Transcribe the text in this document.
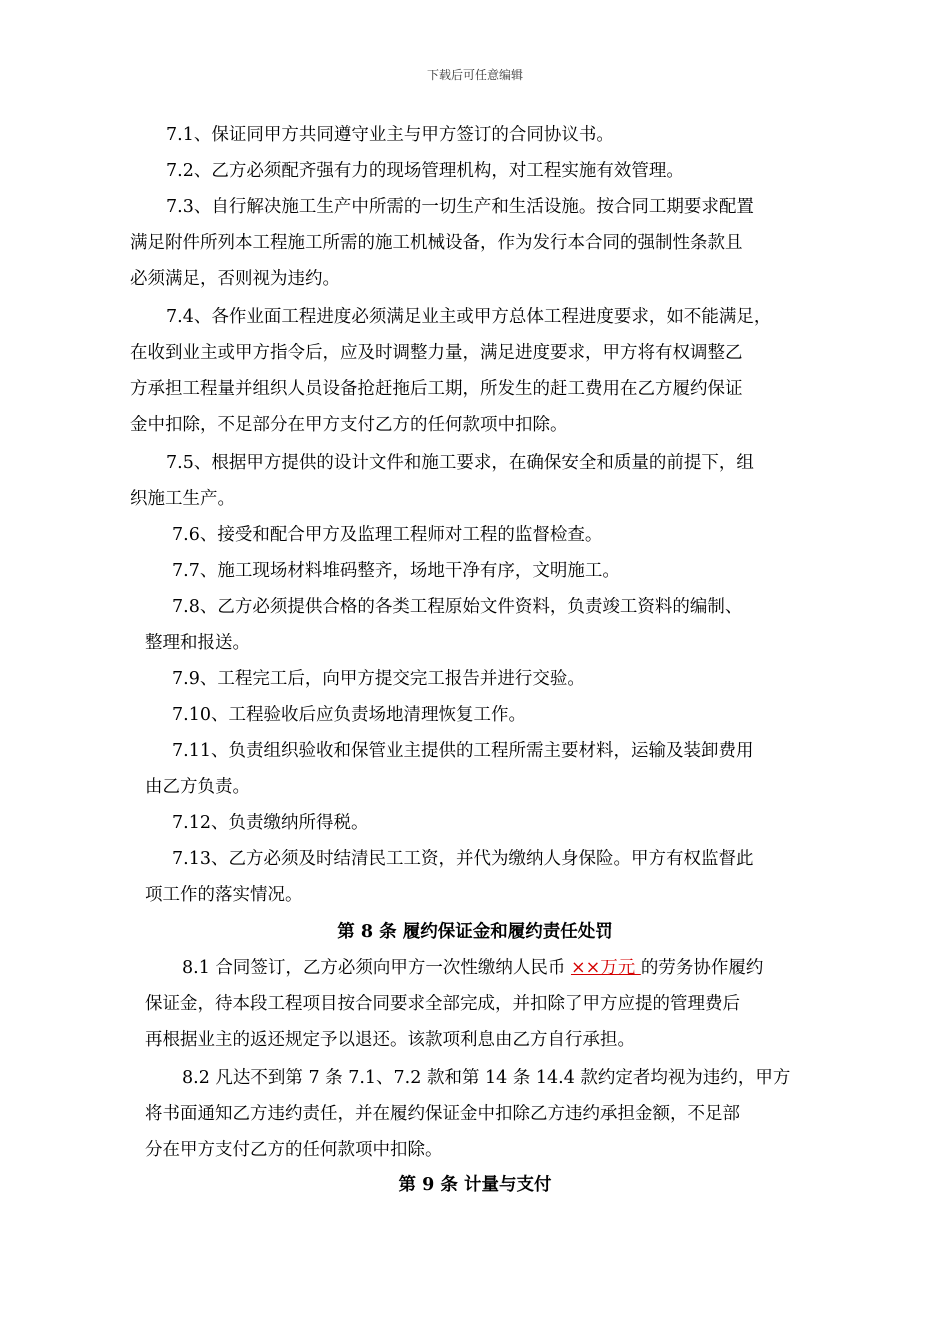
下载后可任意编辑
7.1、保证同甲方共同遵守业主与甲方签订的合同协议书。
7.2、乙方必须配齐强有力的现场管理机构，对工程实施有效管理。
7.3、自行解决施工生产中所需的一切生产和生活设施。按合同工期要求配置
满足附件所列本工程施工所需的施工机械设备，作为发行本合同的强制性条款且
必须满足，否则视为违约。
7.4、各作业面工程进度必须满足业主或甲方总体工程进度要求，如不能满足，
在收到业主或甲方指令后，应及时调整力量，满足进度要求，甲方将有权调整乙
方承担工程量并组织人员设备抢赶拖后工期，所发生的赶工费用在乙方履约保证
金中扣除，不足部分在甲方支付乙方的任何款项中扣除。
7.5、根据甲方提供的设计文件和施工要求，在确保安全和质量的前提下，组
织施工生产。
7.6、接受和配合甲方及监理工程师对工程的监督检查。
7.7、施工现场材料堆码整齐，场地干净有序，文明施工。
7.8、乙方必须提供合格的各类工程原始文件资料，负责竣工资料的编制、
整理和报送。
7.9、工程完工后，向甲方提交完工报告并进行交验。
7.10、工程验收后应负责场地清理恢复工作。
7.11、负责组织验收和保管业主提供的工程所需主要材料，运输及装卸费用
由乙方负责。
7.12、负责缴纳所得税。
7.13、乙方必须及时结清民工工资，并代为缴纳人身保险。甲方有权监督此
项工作的落实情况。
第 8 条 履约保证金和履约责任处罚
8.1 合同签订，乙方必须向甲方一次性缴纳人民币 ××万元 的劳务协作履约
保证金，待本段工程项目按合同要求全部完成，并扣除了甲方应提的管理费后
再根据业主的返还规定予以退还。该款项利息由乙方自行承担。
8.2 凡达不到第 7 条 7.1、7.2 款和第 14 条 14.4 款约定者均视为违约，甲方
将书面通知乙方违约责任，并在履约保证金中扣除乙方违约承担金额，不足部
分在甲方支付乙方的任何款项中扣除。
第 9 条 计量与支付
